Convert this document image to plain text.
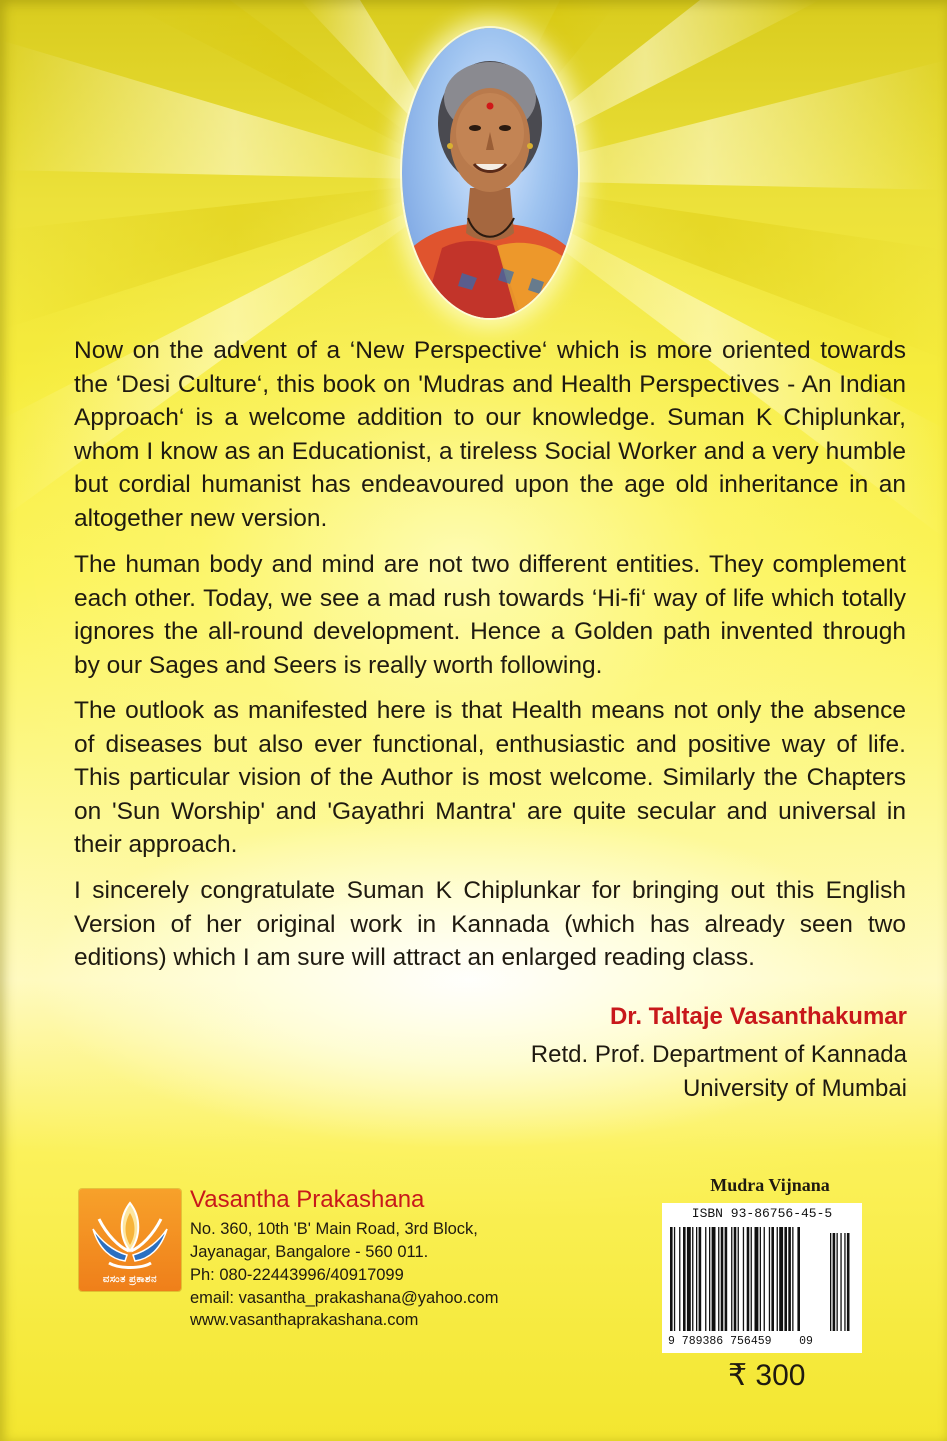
Now on the advent of a ‘New Perspective‘ which is more oriented towards the ‘Desi Culture‘, this book on 'Mudras and Health Perspectives - An Indian Approach‘ is a welcome addition to our knowledge. Suman K Chiplunkar, whom I know as an Educationist, a tireless Social Worker and a very humble but cordial humanist has endeavoured upon the age old inheritance in an altogether new version.

The human body and mind are not two different entities. They complement each other. Today, we see a mad rush towards ‘Hi-fi‘ way of life which totally ignores the all-round development. Hence a Golden path invented through by our Sages and Seers is really worth following.

The outlook as manifested here is that Health means not only the absence of diseases but also ever functional, enthusiastic and positive way of life. This particular vision of the Author is most welcome. Similarly the Chapters on 'Sun Worship' and 'Gayathri Mantra' are quite secular and universal in their approach.

I sincerely congratulate Suman K Chiplunkar for bringing out this English Version of her original work in Kannada (which has already seen two editions) which I am sure will attract an enlarged reading class.

Dr. Taltaje Vasanthakumar

Retd. Prof. Department of Kannada

University of Mumbai

ವಸಂತ ಪ್ರಕಾಶನ

Vasantha Prakashana

No. 360, 10th 'B' Main Road, 3rd Block,

Jayanagar, Bangalore - 560 011.

Ph: 080-22443996/40917099

email: vasantha_prakashana@yahoo.com

www.vasanthaprakashana.com

Mudra Vijnana

ISBN 93-86756-45-5

9 789386 756459    09

₹ 300
